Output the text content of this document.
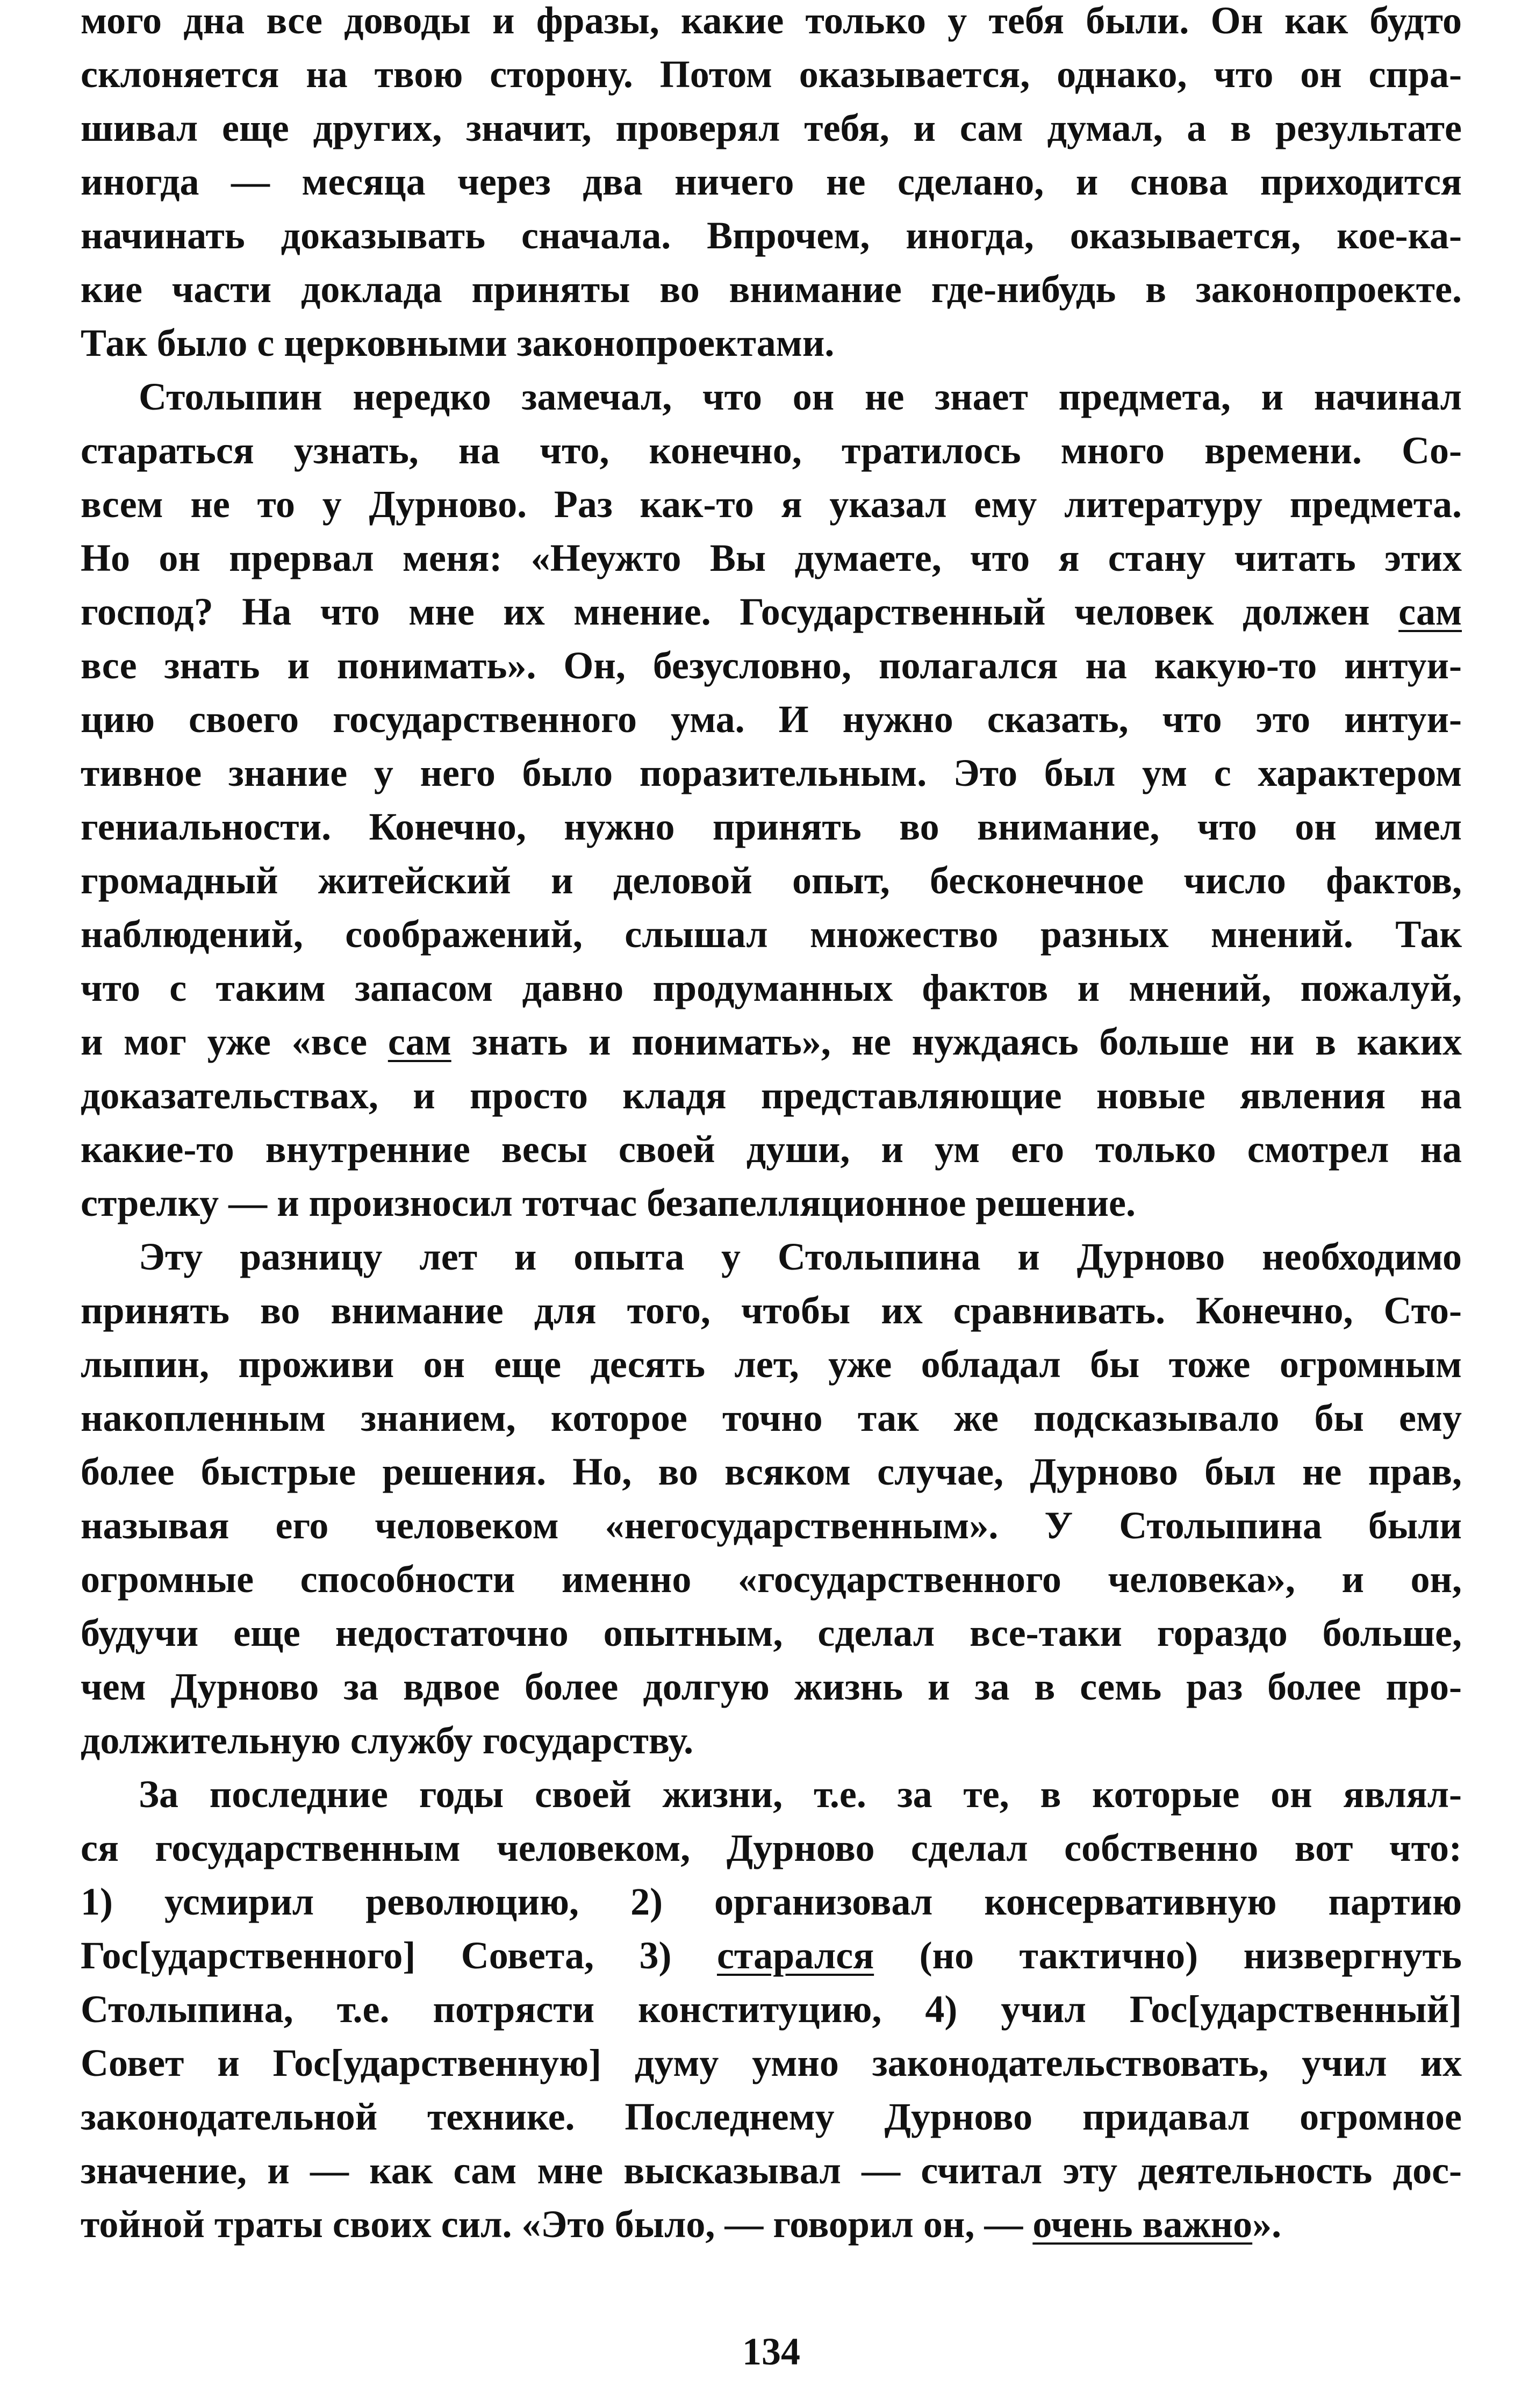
мого дна все доводы и фразы, какие только у тебя были. Он как будто
склоняется на твою сторону. Потом оказывается, однако, что он спра-
шивал еще других, значит, проверял тебя, и сам думал, а в результате
иногда — месяца через два ничего не сделано, и снова приходится
начинать доказывать сначала. Впрочем, иногда, оказывается, кое-ка-
кие части доклада приняты во внимание где-нибудь в законопроекте.
Так было с церковными законопроектами.
Столыпин нередко замечал, что он не знает предмета, и начинал
стараться узнать, на что, конечно, тратилось много времени. Со-
всем не то у Дурново. Раз как-то я указал ему литературу предмета.
Но он прервал меня: «Неужто Вы думаете, что я стану читать этих
господ? На что мне их мнение. Государственный человек должен сам
все знать и понимать». Он, безусловно, полагался на какую-то интуи-
цию своего государственного ума. И нужно сказать, что это интуи-
тивное знание у него было поразительным. Это был ум с характером
гениальности. Конечно, нужно принять во внимание, что он имел
громадный житейский и деловой опыт, бесконечное число фактов,
наблюдений, соображений, слышал множество разных мнений. Так
что с таким запасом давно продуманных фактов и мнений, пожалуй,
и мог уже «все сам знать и понимать», не нуждаясь больше ни в каких
доказательствах, и просто кладя представляющие новые явления на
какие-то внутренние весы своей души, и ум его только смотрел на
стрелку — и произносил тотчас безапелляционное решение.
Эту разницу лет и опыта у Столыпина и Дурново необходимо
принять во внимание для того, чтобы их сравнивать. Конечно, Сто-
лыпин, проживи он еще десять лет, уже обладал бы тоже огромным
накопленным знанием, которое точно так же подсказывало бы ему
более быстрые решения. Но, во всяком случае, Дурново был не прав,
называя его человеком «негосударственным». У Столыпина были
огромные способности именно «государственного человека», и он,
будучи еще недостаточно опытным, сделал все-таки гораздо больше,
чем Дурново за вдвое более долгую жизнь и за в семь раз более про-
должительную службу государству.
За последние годы своей жизни, т.е. за те, в которые он являл-
ся государственным человеком, Дурново сделал собственно вот что:
1) усмирил революцию, 2) организовал консервативную партию
Гос[ударственного] Совета, 3) старался (но тактично) низвергнуть
Столыпина, т.е. потрясти конституцию, 4) учил Гос[ударственный]
Совет и Гос[ударственную] думу умно законодательствовать, учил их
законодательной технике. Последнему Дурново придавал огромное
значение, и — как сам мне высказывал — считал эту деятельность дос-
тойной траты своих сил. «Это было, — говорил он, — очень важно».
134
